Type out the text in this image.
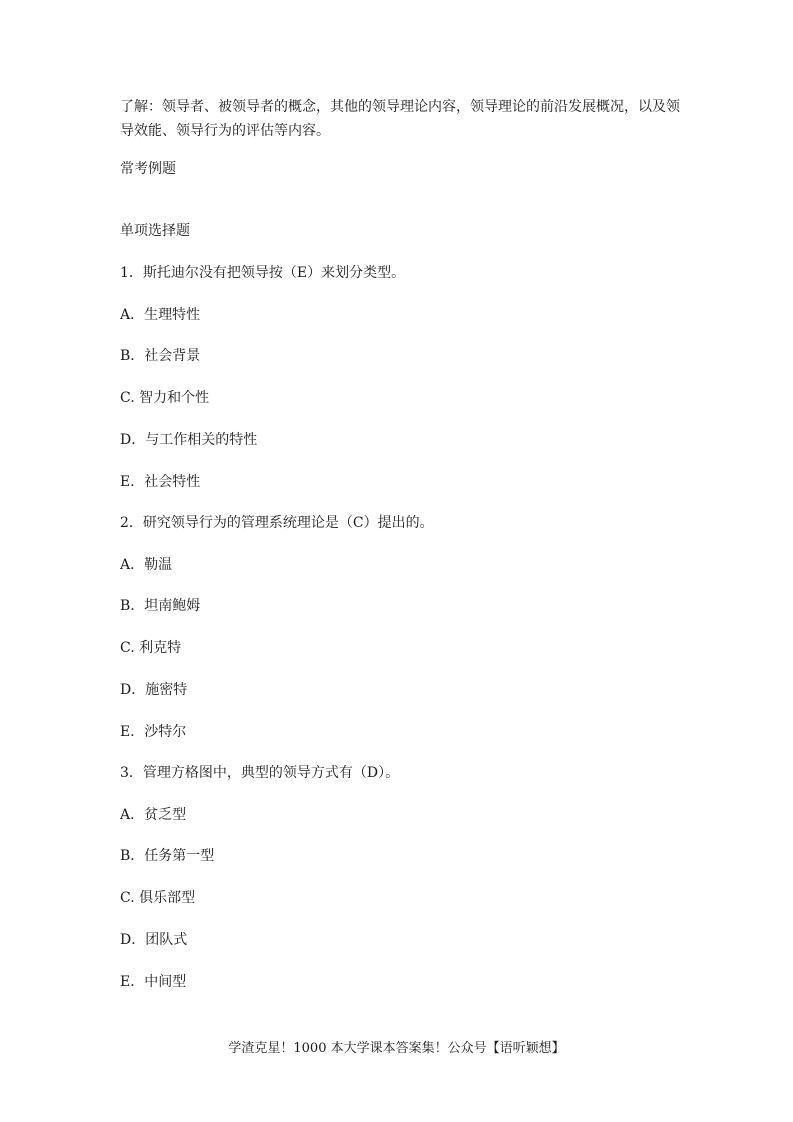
了解：领导者、被领导者的概念，其他的领导理论内容，领导理论的前沿发展概况，以及领导效能、领导行为的评估等内容。

常考例题

单项选择题

1．斯托迪尔没有把领导按（E）来划分类型。

A．生理特性

B．社会背景

C. 智力和个性

D．与工作相关的特性

E．社会特性

2．研究领导行为的管理系统理论是（C）提出的。

A．勒温

B．坦南鲍姆

C. 利克特

D．施密特

E．沙特尔

3．管理方格图中，典型的领导方式有（D）。

A．贫乏型

B．任务第一型

C. 俱乐部型

D．团队式

E．中间型

学渣克星！1000 本大学课本答案集！公众号【语听颖想】
